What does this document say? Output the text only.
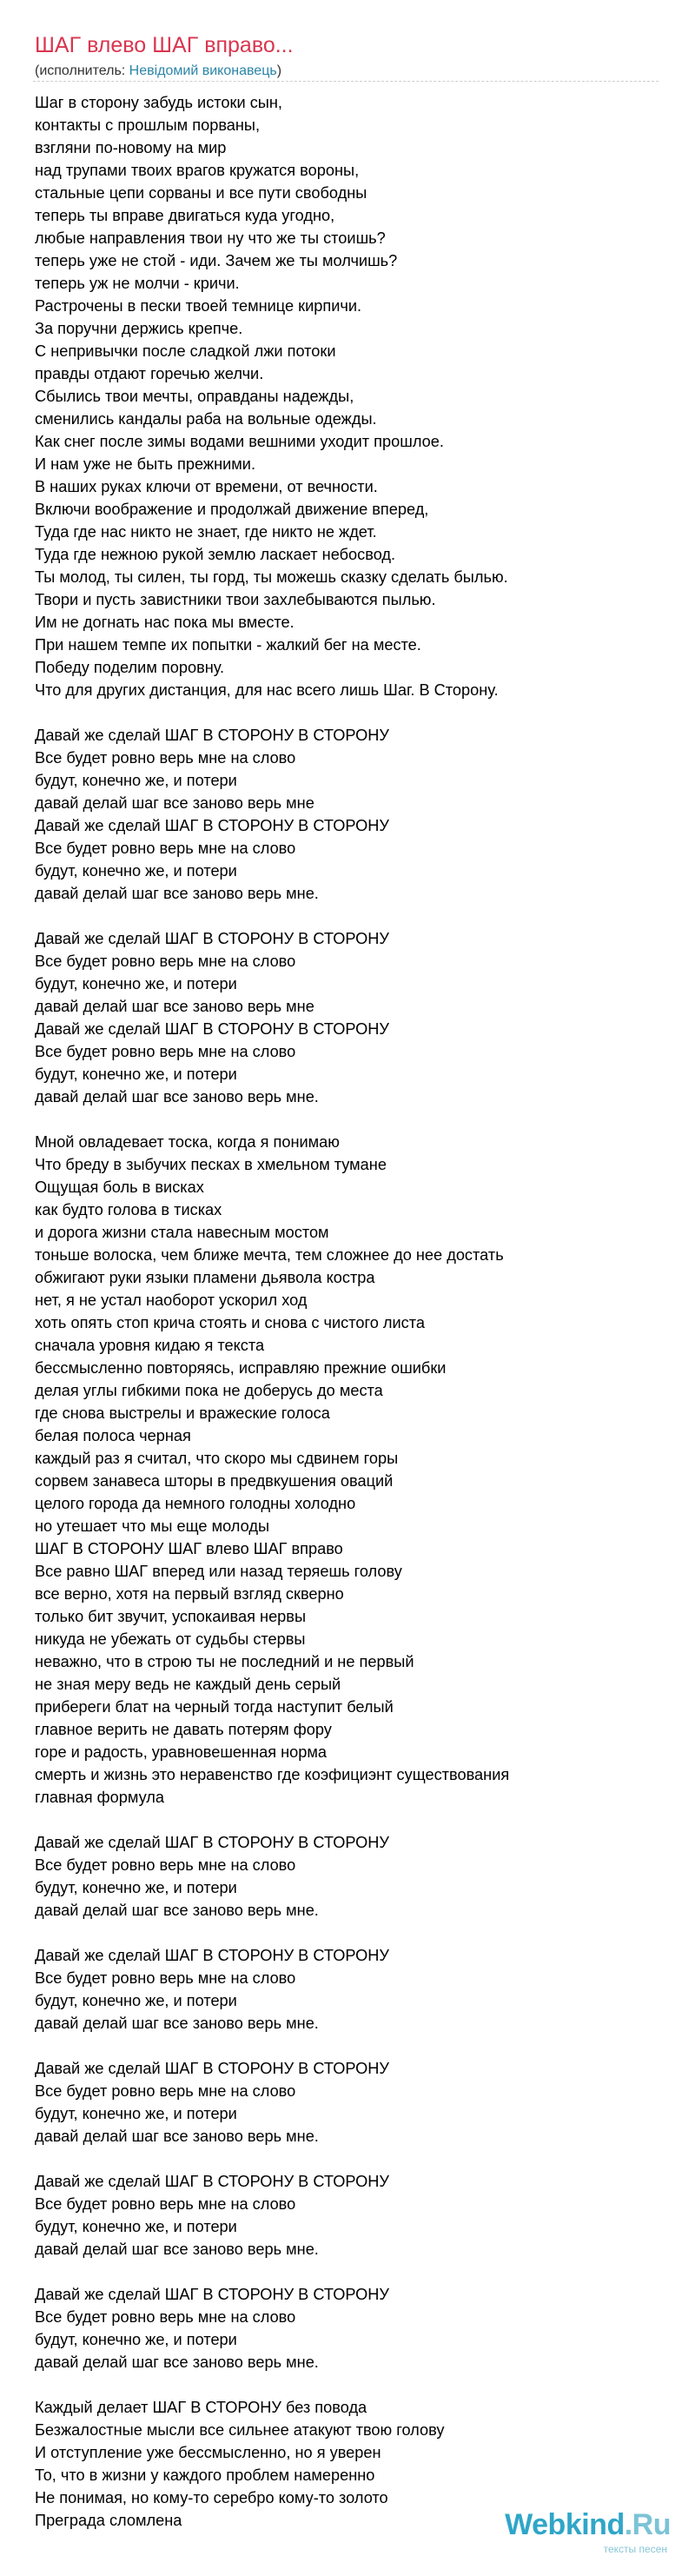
ШАГ влево ШАГ вправо...
(исполнитель: Невідомий виконавець)
Шаг в сторону забудь истоки сын,
контакты с прошлым порваны,
взгляни по-новому на мир
над трупами твоих врагов кружатся вороны,
стальные цепи сорваны и все пути свободны
теперь ты вправе двигаться куда угодно,
любые направления твои ну что же ты стоишь?
теперь уже не стой - иди. Зачем же ты молчишь?
теперь уж не молчи - кричи.
Растрочены в пески твоей темнице кирпичи.
За поручни держись крепче.
С непривычки после сладкой лжи потоки
правды отдают горечью желчи.
Сбылись твои мечты, оправданы надежды,
сменились кандалы раба на вольные одежды.
Как снег после зимы водами вешними уходит прошлое.
И нам уже не быть прежними.
В наших руках ключи от времени, от вечности.
Включи воображение и продолжай движение вперед,
Туда где нас никто не знает, где никто не ждет.
Туда где нежною рукой землю ласкает небосвод.
Ты молод, ты силен, ты горд, ты можешь сказку сделать былью.
Твори и пусть завистники твои захлебываются пылью.
Им не догнать нас пока мы вместе.
При нашем темпе их попытки - жалкий бег на месте.
Победу поделим поровну.
Что для других дистанция, для нас всего лишь Шаг. В Сторону.
Давай же сделай ШАГ В СТОРОНУ В СТОРОНУ
Все будет ровно верь мне на слово
будут, конечно же, и потери
давай делай шаг все заново верь мне
Давай же сделай ШАГ В СТОРОНУ В СТОРОНУ
Все будет ровно верь мне на слово
будут, конечно же, и потери
давай делай шаг все заново верь мне.
Давай же сделай ШАГ В СТОРОНУ В СТОРОНУ
Все будет ровно верь мне на слово
будут, конечно же, и потери
давай делай шаг все заново верь мне
Давай же сделай ШАГ В СТОРОНУ В СТОРОНУ
Все будет ровно верь мне на слово
будут, конечно же, и потери
давай делай шаг все заново верь мне.
Мной овладевает тоска, когда я понимаю
Что бреду в зыбучих песках в хмельном тумане
Ощущая боль в висках
как будто голова в тисках
и дорога жизни стала навесным мостом
тоньше волоска, чем ближе мечта, тем сложнее до нее достать
обжигают руки языки пламени дьявола костра
нет, я не устал наоборот ускорил ход
хоть опять стоп крича стоять и снова с чистого листа
сначала уровня кидаю я текста
бессмысленно повторяясь, исправляю прежние ошибки
делая углы гибкими пока не доберусь до места
где снова выстрелы и вражеские голоса
белая полоса черная
каждый раз я считал, что скоро мы сдвинем горы
сорвем занавеса шторы в предвкушения оваций
целого города да немного голодны холодно
но утешает что мы еще молоды
ШАГ В СТОРОНУ ШАГ влево ШАГ вправо
Все равно ШАГ вперед или назад теряешь голову
все верно, хотя на первый взгляд скверно
только бит звучит, успокаивая нервы
никуда не убежать от судьбы стервы
неважно, что в строю ты не последний и не первый
не зная меру ведь не каждый день серый
прибереги блат на черный тогда наступит белый
главное верить не давать потерям фору
горе и радость, уравновешенная норма
смерть и жизнь это неравенство где коэфициэнт существования
главная формула
Давай же сделай ШАГ В СТОРОНУ В СТОРОНУ
Все будет ровно верь мне на слово
будут, конечно же, и потери
давай делай шаг все заново верь мне.
Давай же сделай ШАГ В СТОРОНУ В СТОРОНУ
Все будет ровно верь мне на слово
будут, конечно же, и потери
давай делай шаг все заново верь мне.
Давай же сделай ШАГ В СТОРОНУ В СТОРОНУ
Все будет ровно верь мне на слово
будут, конечно же, и потери
давай делай шаг все заново верь мне.
Давай же сделай ШАГ В СТОРОНУ В СТОРОНУ
Все будет ровно верь мне на слово
будут, конечно же, и потери
давай делай шаг все заново верь мне.
Давай же сделай ШАГ В СТОРОНУ В СТОРОНУ
Все будет ровно верь мне на слово
будут, конечно же, и потери
давай делай шаг все заново верь мне.
Каждый делает ШАГ В СТОРОНУ без повода
Безжалостные мысли все сильнее атакуют твою голову
И отступление уже бессмысленно, но я уверен
То, что в жизни у каждого проблем намеренно
Не понимая, но кому-то серебро кому-то золото
Преграда сломлена	Webkind.Ru
тексты песен
